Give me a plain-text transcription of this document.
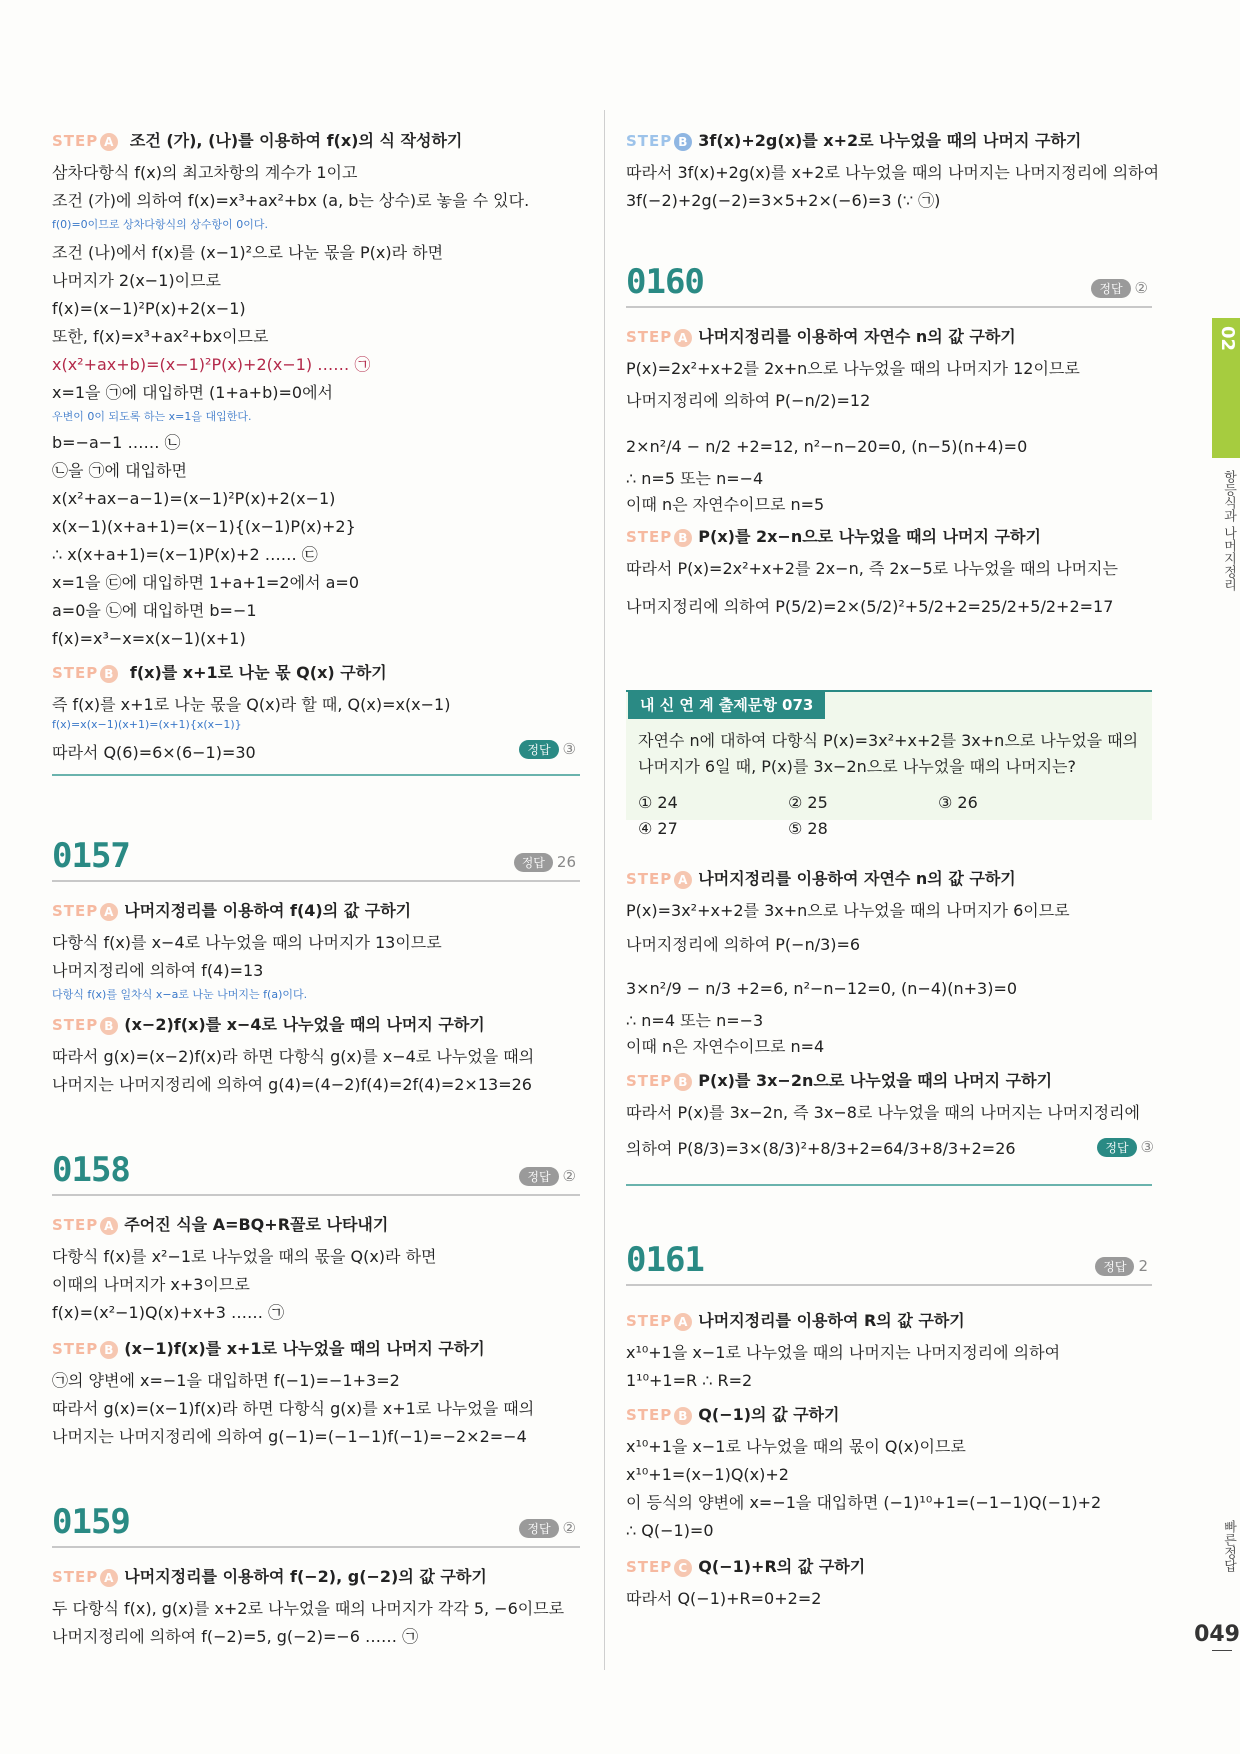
STEP A 조건 (가), (나)를 이용하여 f(x)의 식 작성하기
삼차다항식 f(x)의 최고차항의 계수가 1이고
조건 (가)에 의하여 f(x)=x³+ax²+bx (a, b는 상수)로 놓을 수 있다.
f(0)=0이므로 상차다항식의 상수항이 0이다.
조건 (나)에서 f(x)를 (x−1)²으로 나눈 몫을 P(x)라 하면
나머지가 2(x−1)이므로
f(x)=(x−1)²P(x)+2(x−1)
또한, f(x)=x³+ax²+bx이므로
x(x²+ax+b)=(x−1)²P(x)+2(x−1) …… ㉠
x=1을 ㉠에 대입하면 (1+a+b)=0에서
우변이 0이 되도록 하는 x=1을 대입한다.
b=−a−1 …… ㉡
㉡을 ㉠에 대입하면
x(x²+ax−a−1)=(x−1)²P(x)+2(x−1)
x(x−1)(x+a+1)=(x−1){(x−1)P(x)+2}
∴ x(x+a+1)=(x−1)P(x)+2 …… ㉢
x=1을 ㉢에 대입하면 1+a+1=2에서 a=0
a=0을 ㉡에 대입하면 b=−1
f(x)=x³−x=x(x−1)(x+1)
STEP B f(x)를 x+1로 나눈 몫 Q(x) 구하기
즉 f(x)를 x+1로 나눈 몫을 Q(x)라 할 때, Q(x)=x(x−1)
f(x)=x(x−1)(x+1)=(x+1){x(x−1)}
따라서 Q(6)=6×(6−1)=30	정답 ③
0157	정답 26
STEP A 나머지정리를 이용하여 f(4)의 값 구하기
다항식 f(x)를 x−4로 나누었을 때의 나머지가 13이므로
나머지정리에 의하여 f(4)=13
다항식 f(x)를 일차식 x−a로 나눈 나머지는 f(a)이다.
STEP B (x−2)f(x)를 x−4로 나누었을 때의 나머지 구하기
따라서 g(x)=(x−2)f(x)라 하면 다항식 g(x)를 x−4로 나누었을 때의
나머지는 나머지정리에 의하여 g(4)=(4−2)f(4)=2f(4)=2×13=26
0158	정답 ②
STEP A 주어진 식을 A=BQ+R꼴로 나타내기
다항식 f(x)를 x²−1로 나누었을 때의 몫을 Q(x)라 하면
이때의 나머지가 x+3이므로
f(x)=(x²−1)Q(x)+x+3 …… ㉠
STEP B (x−1)f(x)를 x+1로 나누었을 때의 나머지 구하기
㉠의 양변에 x=−1을 대입하면 f(−1)=−1+3=2
따라서 g(x)=(x−1)f(x)라 하면 다항식 g(x)를 x+1로 나누었을 때의
나머지는 나머지정리에 의하여 g(−1)=(−1−1)f(−1)=−2×2=−4
0159	정답 ②
STEP A 나머지정리를 이용하여 f(−2), g(−2)의 값 구하기
두 다항식 f(x), g(x)를 x+2로 나누었을 때의 나머지가 각각 5, −6이므로
나머지정리에 의하여 f(−2)=5, g(−2)=−6 …… ㉠
STEP B 3f(x)+2g(x)를 x+2로 나누었을 때의 나머지 구하기
따라서 3f(x)+2g(x)를 x+2로 나누었을 때의 나머지는 나머지정리에 의하여
3f(−2)+2g(−2)=3×5+2×(−6)=3 (∵ ㉠)
0160	정답 ②
STEP A 나머지정리를 이용하여 자연수 n의 값 구하기
P(x)=2x²+x+2를 2x+n으로 나누었을 때의 나머지가 12이므로
나머지정리에 의하여 P(−n/2)=12
2×n²/4 − n/2 +2=12, n²−n−20=0, (n−5)(n+4)=0
∴ n=5 또는 n=−4
이때 n은 자연수이므로 n=5
STEP B P(x)를 2x−n으로 나누었을 때의 나머지 구하기
따라서 P(x)=2x²+x+2를 2x−n, 즉 2x−5로 나누었을 때의 나머지는
나머지정리에 의하여 P(5/2)=2×(5/2)²+5/2+2=25/2+5/2+2=17
내 신 연 계 출제문항 073
자연수 n에 대하여 다항식 P(x)=3x²+x+2를 3x+n으로 나누었을 때의
나머지가 6일 때, P(x)를 3x−2n으로 나누었을 때의 나머지는?
① 24	② 25	③ 26
④ 27	⑤ 28
STEP A 나머지정리를 이용하여 자연수 n의 값 구하기
P(x)=3x²+x+2를 3x+n으로 나누었을 때의 나머지가 6이므로
나머지정리에 의하여 P(−n/3)=6
3×n²/9 − n/3 +2=6, n²−n−12=0, (n−4)(n+3)=0
∴ n=4 또는 n=−3
이때 n은 자연수이므로 n=4
STEP B P(x)를 3x−2n으로 나누었을 때의 나머지 구하기
따라서 P(x)를 3x−2n, 즉 3x−8로 나누었을 때의 나머지는 나머지정리에
의하여 P(8/3)=3×(8/3)²+8/3+2=64/3+8/3+2=26	정답 ③
0161	정답 2
STEP A 나머지정리를 이용하여 R의 값 구하기
x¹⁰+1을 x−1로 나누었을 때의 나머지는 나머지정리에 의하여
1¹⁰+1=R ∴ R=2
STEP B Q(−1)의 값 구하기
x¹⁰+1을 x−1로 나누었을 때의 몫이 Q(x)이므로
x¹⁰+1=(x−1)Q(x)+2
이 등식의 양변에 x=−1을 대입하면 (−1)¹⁰+1=(−1−1)Q(−1)+2
∴ Q(−1)=0
STEP C Q(−1)+R의 값 구하기
따라서 Q(−1)+R=0+2=2
02
항등식과 나머지정리
빠른정답
049
